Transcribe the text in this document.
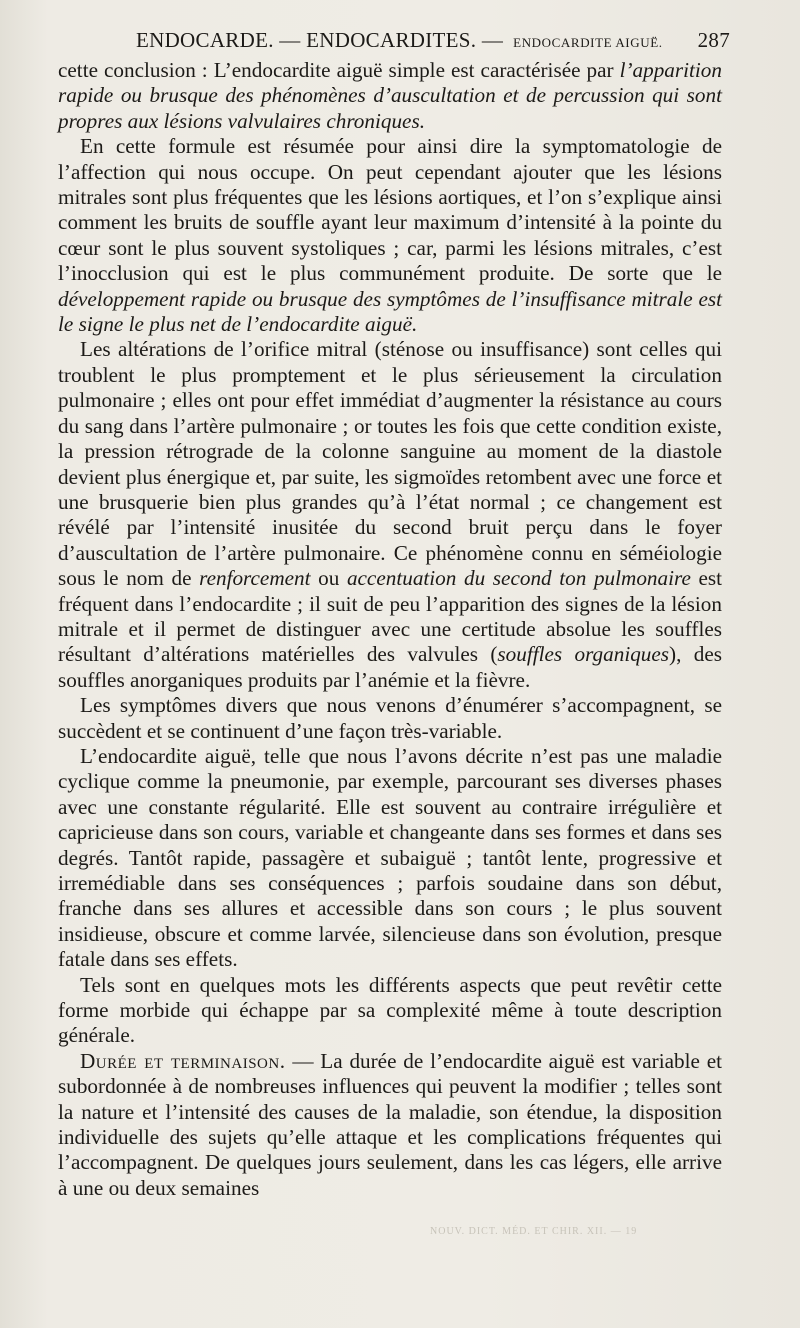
ENDOCARDE. — ENDOCARDITES. — ENDOCARDITE AIGUË. 287

cette conclusion : L’endocardite aiguë simple est caractérisée par l’apparition rapide ou brusque des phénomènes d’auscultation et de percussion qui sont propres aux lésions valvulaires chroniques.

En cette formule est résumée pour ainsi dire la symptomatologie de l’affection qui nous occupe. On peut cependant ajouter que les lésions mitrales sont plus fréquentes que les lésions aortiques, et l’on s’explique ainsi comment les bruits de souffle ayant leur maximum d’intensité à la pointe du cœur sont le plus souvent systoliques ; car, parmi les lésions mitrales, c’est l’inocclusion qui est le plus communément produite. De sorte que le développement rapide ou brusque des symptômes de l’insuffisance mitrale est le signe le plus net de l’endocardite aiguë.

Les altérations de l’orifice mitral (sténose ou insuffisance) sont celles qui troublent le plus promptement et le plus sérieusement la circulation pulmonaire ; elles ont pour effet immédiat d’augmenter la résistance au cours du sang dans l’artère pulmonaire ; or toutes les fois que cette condition existe, la pression rétrograde de la colonne sanguine au moment de la diastole devient plus énergique et, par suite, les sigmoïdes retombent avec une force et une brusquerie bien plus grandes qu’à l’état normal ; ce changement est révélé par l’intensité inusitée du second bruit perçu dans le foyer d’auscultation de l’artère pulmonaire. Ce phénomène connu en séméiologie sous le nom de renforcement ou accentuation du second ton pulmonaire est fréquent dans l’endocardite ; il suit de peu l’apparition des signes de la lésion mitrale et il permet de distinguer avec une certitude absolue les souffles résultant d’altérations matérielles des valvules (souffles organiques), des souffles anorganiques produits par l’anémie et la fièvre.

Les symptômes divers que nous venons d’énumérer s’accompagnent, se succèdent et se continuent d’une façon très-variable.

L’endocardite aiguë, telle que nous l’avons décrite n’est pas une maladie cyclique comme la pneumonie, par exemple, parcourant ses diverses phases avec une constante régularité. Elle est souvent au contraire irrégulière et capricieuse dans son cours, variable et changeante dans ses formes et dans ses degrés. Tantôt rapide, passagère et subaiguë ; tantôt lente, progressive et irremédiable dans ses conséquences ; parfois soudaine dans son début, franche dans ses allures et accessible dans son cours ; le plus souvent insidieuse, obscure et comme larvée, silencieuse dans son évolution, presque fatale dans ses effets.

Tels sont en quelques mots les différents aspects que peut revêtir cette forme morbide qui échappe par sa complexité même à toute description générale.

Durée et terminaison. — La durée de l’endocardite aiguë est variable et subordonnée à de nombreuses influences qui peuvent la modifier ; telles sont la nature et l’intensité des causes de la maladie, son étendue, la disposition individuelle des sujets qu’elle attaque et les complications fréquentes qui l’accompagnent. De quelques jours seulement, dans les cas légers, elle arrive à une ou deux semaines

NOUV. DICT. MÉD. ET CHIR. XII. — 19
